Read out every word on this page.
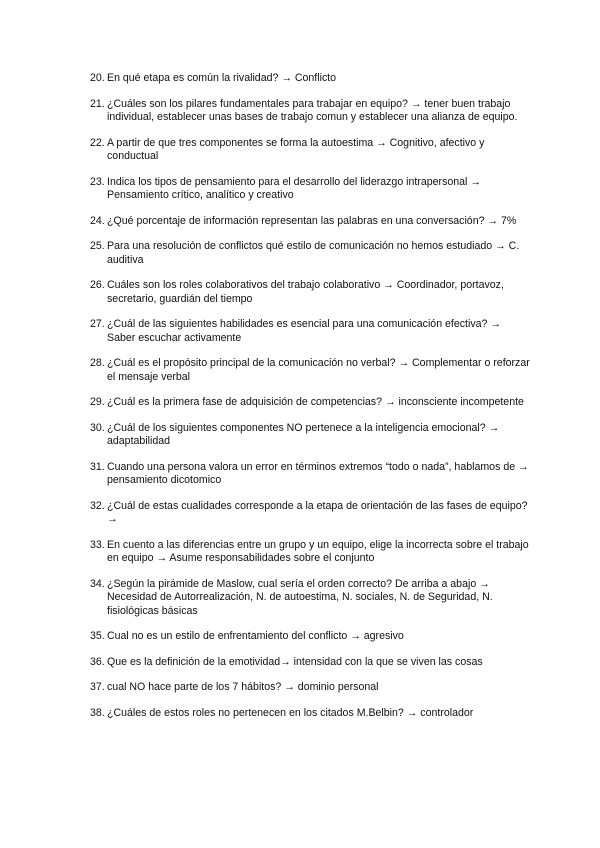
20. En qué etapa es común la rivalidad? → Conflicto
21. ¿Cuáles son los pilares fundamentales para trabajar en equipo? → tener buen trabajo individual, establecer unas bases de trabajo comun y establecer una alianza de equipo.
22. A partir de que tres componentes se forma la autoestima → Cognitivo, afectivo y conductual
23. Indica los tipos de pensamiento para el desarrollo del liderazgo intrapersonal → Pensamiento crítico, analítico y creativo
24. ¿Qué porcentaje de información representan las palabras en una conversación? → 7%
25. Para una resolución de conflictos qué estilo de comunicación no hemos estudiado → C. auditiva
26. Cuáles son los roles colaborativos del trabajo colaborativo → Coordinador, portavoz, secretario, guardián del tiempo
27. ¿Cuál de las siguientes habilidades es esencial para una comunicación efectiva? → Saber escuchar activamente
28. ¿Cuál es el propósito principal de la comunicación no verbal? → Complementar o reforzar el mensaje verbal
29. ¿Cuál es la primera fase de adquisición de competencias? → inconsciente incompetente
30. ¿Cuál de los siguientes componentes NO pertenece a la inteligencia emocional? → adaptabilidad
31. Cuando una persona valora un error en términos extremos “todo o nada”, hablamos de → pensamiento dicotomico
32. ¿Cuál de estas cualidades corresponde a la etapa de orientación de las fases de equipo? →
33. En cuento a las diferencias entre un grupo y un equipo, elige la incorrecta sobre el trabajo en equipo → Asume responsabilidades sobre el conjunto
34. ¿Según la pirámide de Maslow, cual sería el orden correcto? De arriba a abajo → Necesidad de Autorrealización, N. de autoestima, N. sociales, N. de Seguridad, N. fisiológicas básicas
35. Cual no es un estilo de enfrentamiento del conflicto → agresivo
36. Que es la definición de la emotividad→ intensidad con la que se viven las cosas
37. cual NO hace parte de los 7 hábitos? → dominio personal
38. ¿Cuáles de estos roles no pertenecen en los citados M.Belbin? → controlador
